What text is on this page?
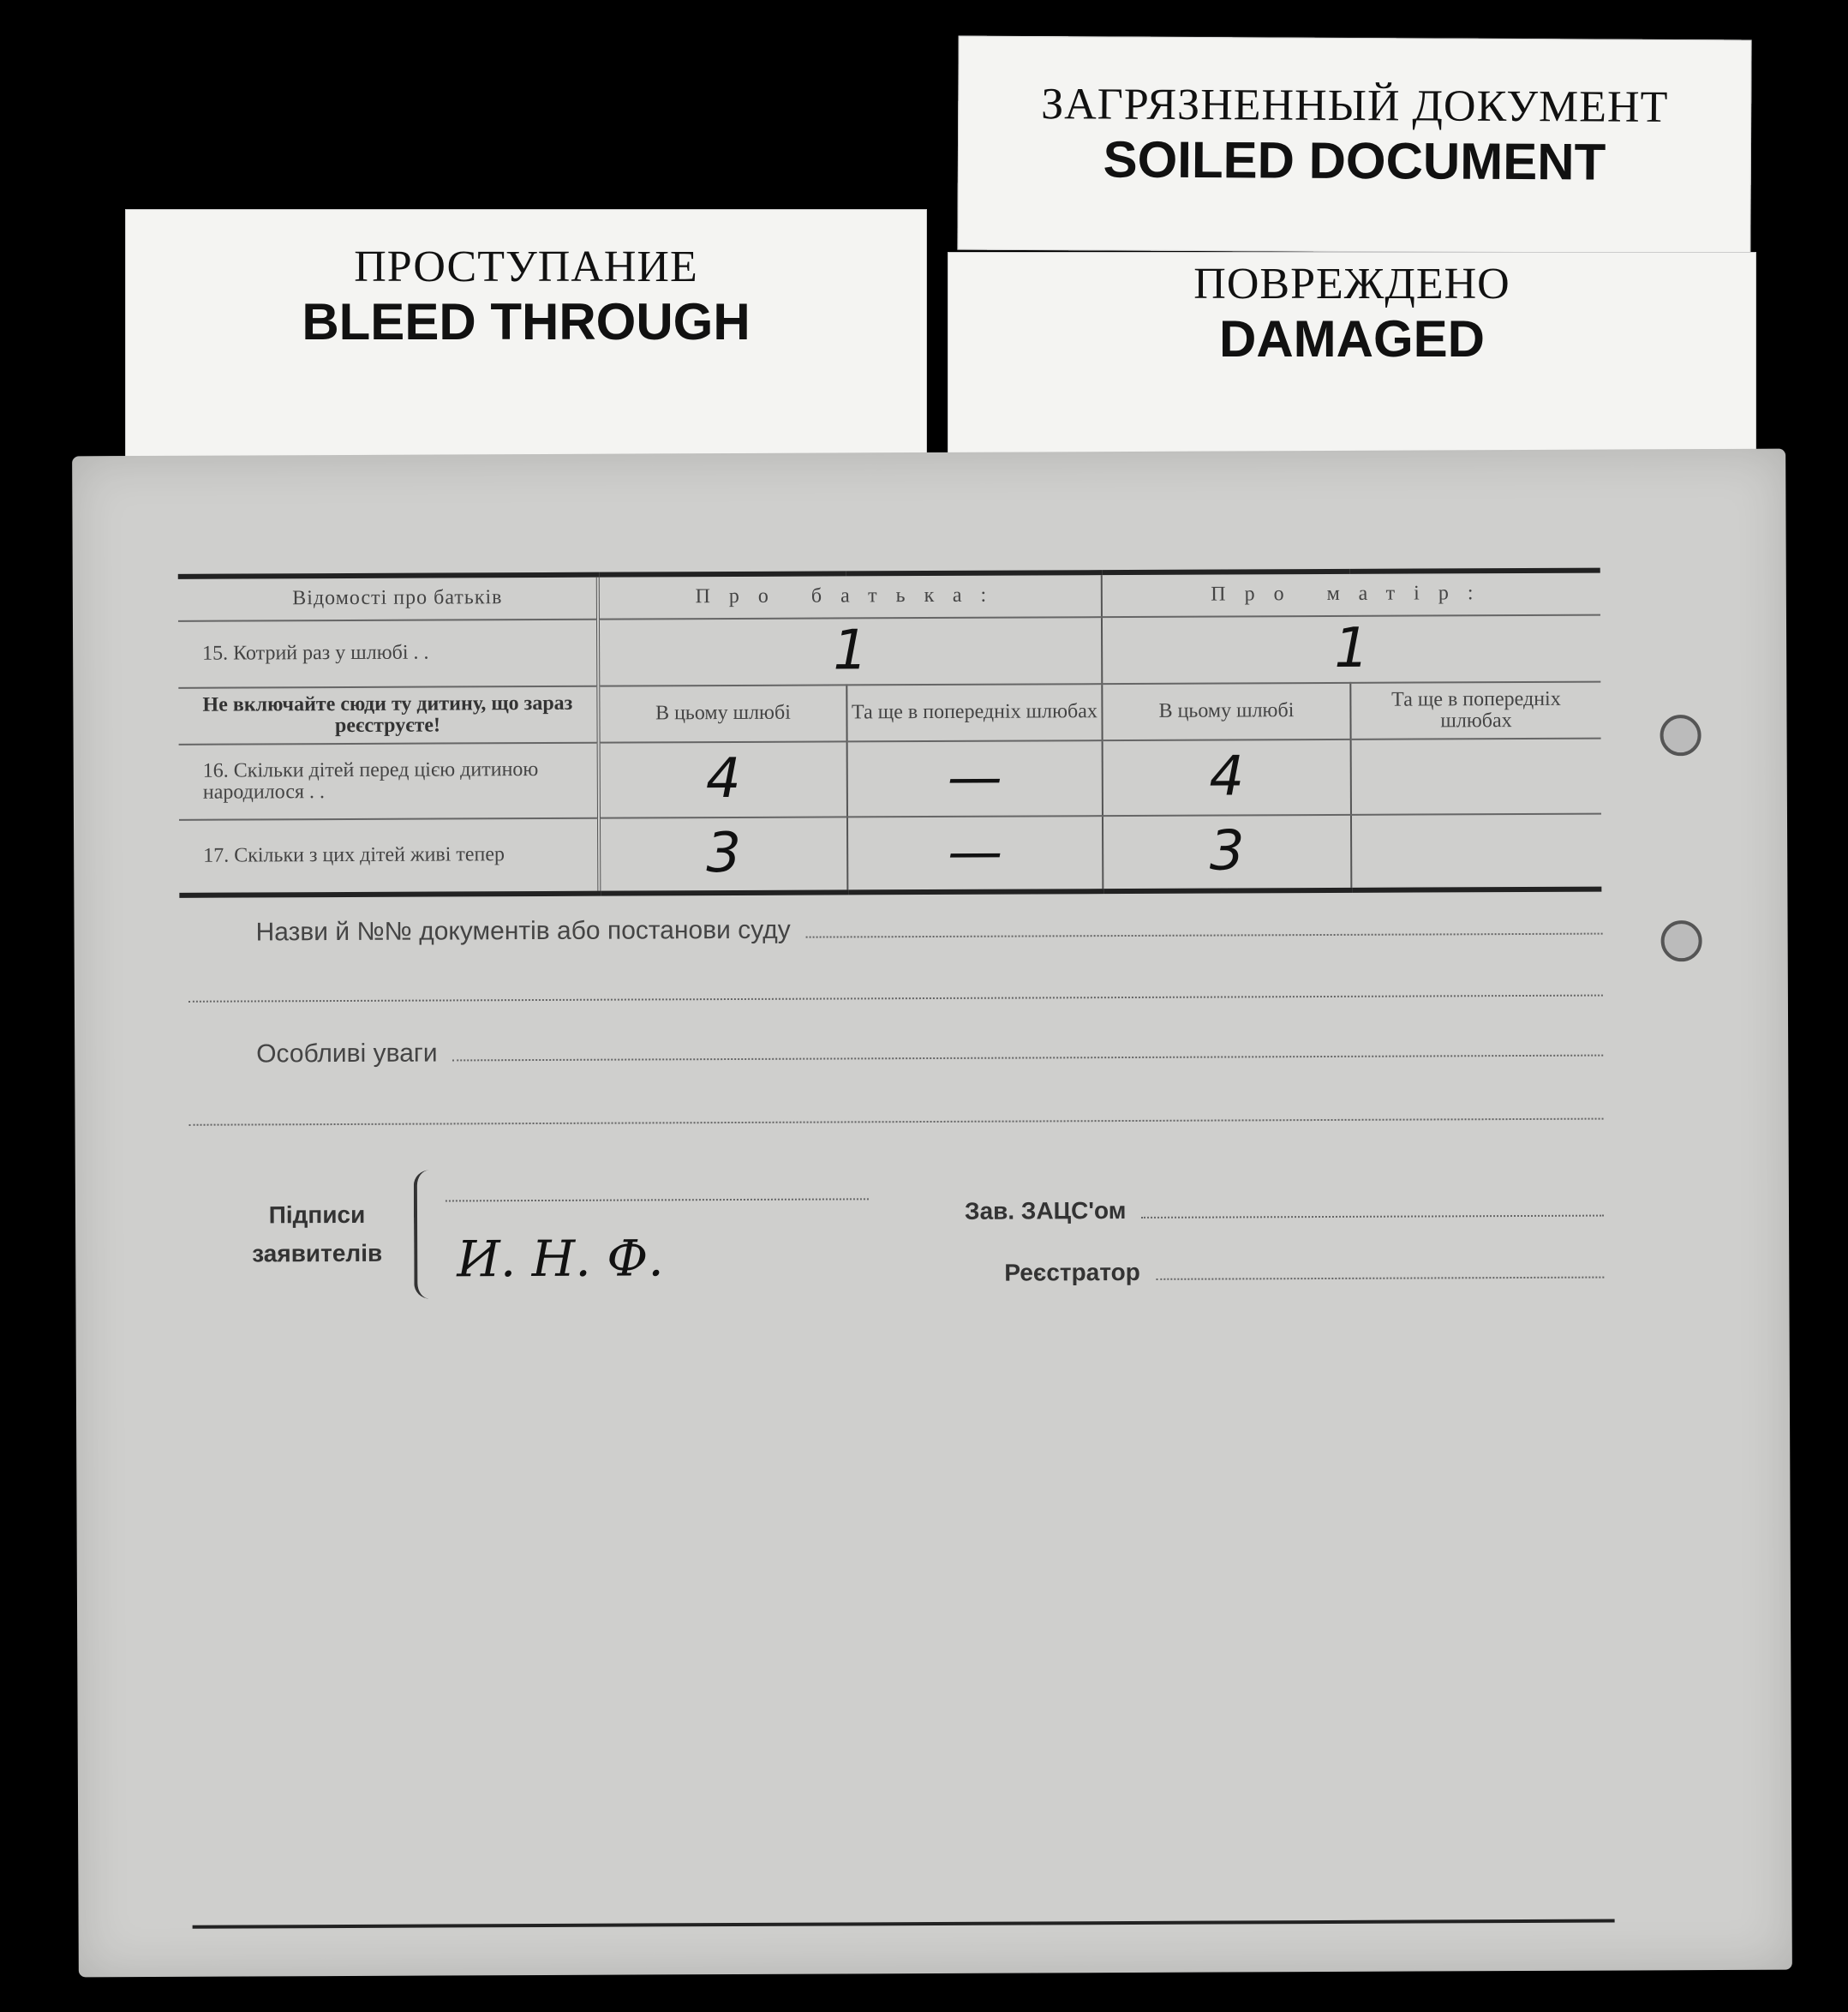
ПРОСТУПАНИЕ
BLEED THROUGH
ЗАГРЯЗНЕННЫЙ ДОКУМЕНТ
SOILED DOCUMENT
ПОВРЕЖДЕНО
DAMAGED
Відомості про батьків	Про батька:		Про матір:	
15. Котрий раз у шлюбі . .	1		1	
Не включайте сюди ту дитину, що зараз реєструєте!	В цьому шлюбі	Та ще в попередніх шлюбах	В цьому шлюбі	Та ще в попередніх шлюбах
16. Скільки дітей перед цією дитиною народилося . .	4	—	4	
17. Скільки з цих дітей живі тепер	3	—	3	
Назви й №№ документів або постанови суду
Особливі уваги
Підписи
заявителів	И. Н. Ф.
Зав. ЗАЦС'ом
Реєстратор
